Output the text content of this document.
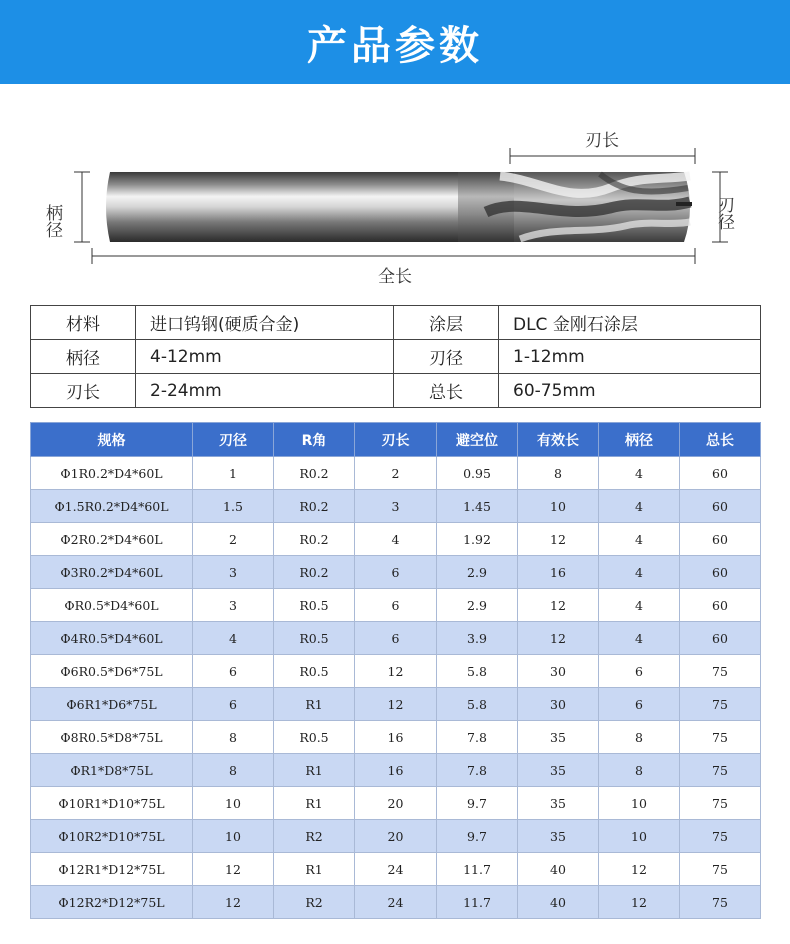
产品参数
刃长
柄径	刃径
全长
材料	进口钨钢(硬质合金)	涂层	DLC 金刚石涂层
柄径	4-12mm	刃径	1-12mm
刃长	2-24mm	总长	60-75mm
规格	刃径	R角	刃长	避空位	有效长	柄径	总长
Φ1R0.2*D4*60L	1	R0.2	2	0.95	8	4	60
Φ1.5R0.2*D4*60L	1.5	R0.2	3	1.45	10	4	60
Φ2R0.2*D4*60L	2	R0.2	4	1.92	12	4	60
Φ3R0.2*D4*60L	3	R0.2	6	2.9	16	4	60
ΦR0.5*D4*60L	3	R0.5	6	2.9	12	4	60
Φ4R0.5*D4*60L	4	R0.5	6	3.9	12	4	60
Φ6R0.5*D6*75L	6	R0.5	12	5.8	30	6	75
Φ6R1*D6*75L	6	R1	12	5.8	30	6	75
Φ8R0.5*D8*75L	8	R0.5	16	7.8	35	8	75
ΦR1*D8*75L	8	R1	16	7.8	35	8	75
Φ10R1*D10*75L	10	R1	20	9.7	35	10	75
Φ10R2*D10*75L	10	R2	20	9.7	35	10	75
Φ12R1*D12*75L	12	R1	24	11.7	40	12	75
Φ12R2*D12*75L	12	R2	24	11.7	40	12	75
